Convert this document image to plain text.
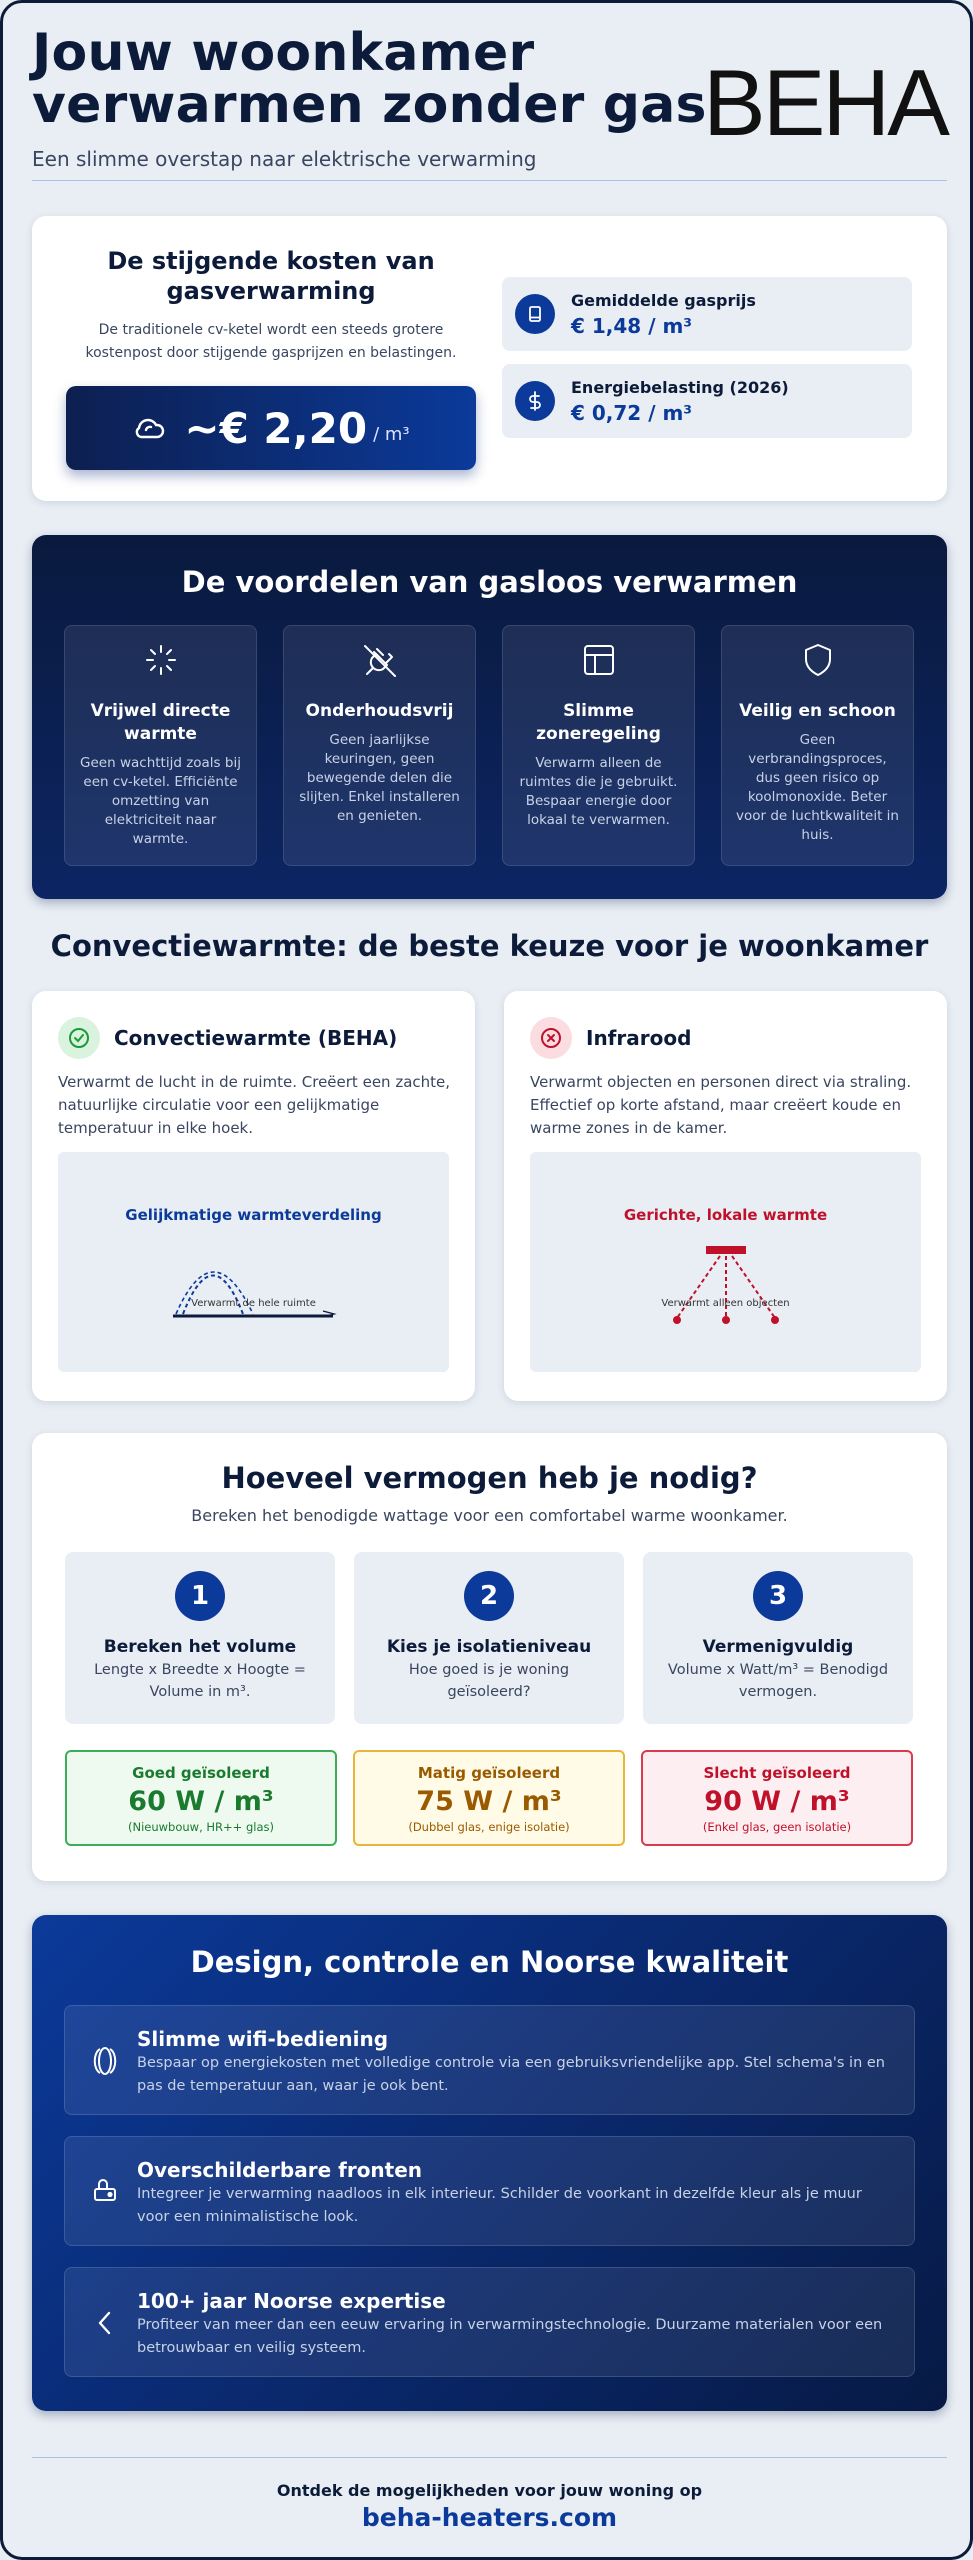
Jouw woonkamer verwarmen zonder gas
Een slimme overstap naar elektrische verwarming
BEHA
De stijgende kosten van gasverwarming

De traditionele cv-ketel wordt een steeds grotere kostenpost door stijgende gasprijzen en belastingen.

~€ 2,20 / m³
Gemiddelde gasprijs
€ 1,48 / m³
Energiebelasting (2026)
€ 0,72 / m³
De voordelen van gasloos verwarmen
Vrijwel directe warmte
Geen wachttijd zoals bij een cv-ketel. Efficiënte omzetting van elektriciteit naar warmte.
Onderhoudsvrij
Geen jaarlijkse keuringen, geen bewegende delen die slijten. Enkel installeren en genieten.
Slimme zoneregeling
Verwarm alleen de ruimtes die je gebruikt. Bespaar energie door lokaal te verwarmen.
Veilig en schoon
Geen verbrandingsproces, dus geen risico op koolmonoxide. Beter voor de luchtkwaliteit in huis.
Convectiewarmte: de beste keuze voor je woonkamer
Convectiewarmte (BEHA)

Verwarmt de lucht in de ruimte. Creëert een zachte, natuurlijke circulatie voor een gelijkmatige temperatuur in elke hoek.

Gelijkmatige warmteverdeling
Verwarmt de hele ruimte
Infrarood

Verwarmt objecten en personen direct via straling. Effectief op korte afstand, maar creëert koude en warme zones in de kamer.

Gerichte, lokale warmte
Verwarmt alleen objecten
Hoeveel vermogen heb je nodig?

Bereken het benodigde wattage voor een comfortabel warme woonkamer.

1
Bereken het volume
Lengte x Breedte x Hoogte = Volume in m³.
2
Kies je isolatieniveau
Hoe goed is je woning geïsoleerd?
3
Vermenigvuldig
Volume x Watt/m³ = Benodigd vermogen.
Goed geïsoleerd
60 W / m³
(Nieuwbouw, HR++ glas)
Matig geïsoleerd
75 W / m³
(Dubbel glas, enige isolatie)
Slecht geïsoleerd
90 W / m³
(Enkel glas, geen isolatie)
Design, controle en Noorse kwaliteit
Slimme wifi-bediening
Bespaar op energiekosten met volledige controle via een gebruiksvriendelijke app. Stel schema's in en pas de temperatuur aan, waar je ook bent.
Overschilderbare fronten
Integreer je verwarming naadloos in elk interieur. Schilder de voorkant in dezelfde kleur als je muur voor een minimalistische look.
100+ jaar Noorse expertise
Profiteer van meer dan een eeuw ervaring in verwarmingstechnologie. Duurzame materialen voor een betrouwbaar en veilig systeem.
Ontdek de mogelijkheden voor jouw woning op
beha-heaters.com
